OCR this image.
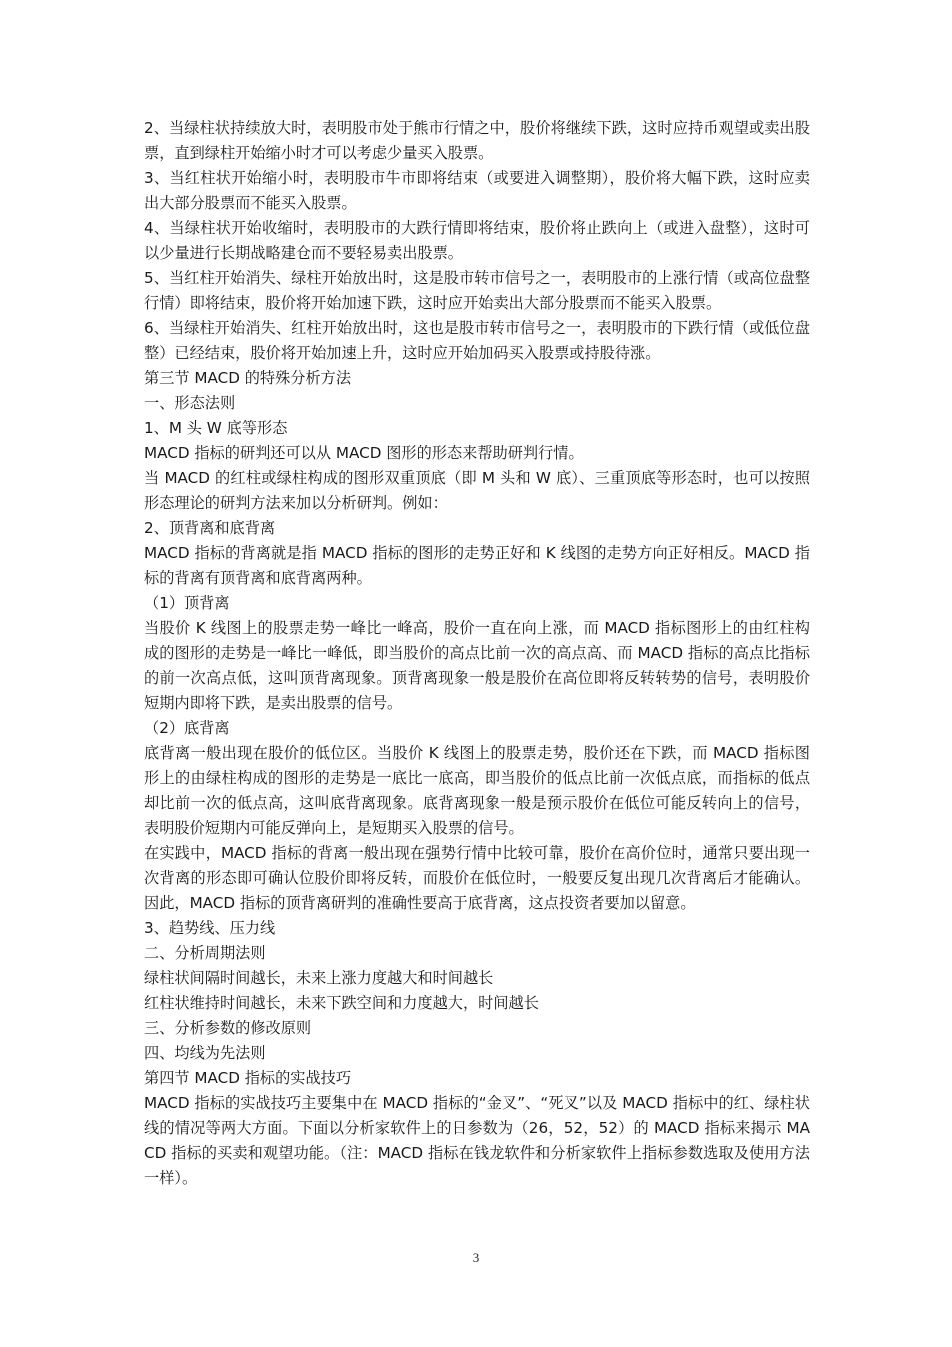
2、当绿柱状持续放大时，表明股市处于熊市行情之中，股价将继续下跌，这时应持币观望或卖出股票，直到绿柱开始缩小时才可以考虑少量买入股票。

3、当红柱状开始缩小时，表明股市牛市即将结束（或要进入调整期），股价将大幅下跌，这时应卖出大部分股票而不能买入股票。

4、当绿柱状开始收缩时，表明股市的大跌行情即将结束，股价将止跌向上（或进入盘整），这时可以少量进行长期战略建仓而不要轻易卖出股票。

5、当红柱开始消失、绿柱开始放出时，这是股市转市信号之一，表明股市的上涨行情（或高位盘整行情）即将结束，股价将开始加速下跌，这时应开始卖出大部分股票而不能买入股票。

6、当绿柱开始消失、红柱开始放出时，这也是股市转市信号之一，表明股市的下跌行情（或低位盘整）已经结束，股价将开始加速上升，这时应开始加码买入股票或持股待涨。

第三节 MACD 的特殊分析方法

一、形态法则

1、M 头 W 底等形态

MACD 指标的研判还可以从 MACD 图形的形态来帮助研判行情。

当 MACD 的红柱或绿柱构成的图形双重顶底（即 M 头和 W 底）、三重顶底等形态时，也可以按照形态理论的研判方法来加以分析研判。例如：

2、顶背离和底背离

MACD 指标的背离就是指 MACD 指标的图形的走势正好和 K 线图的走势方向正好相反。MACD 指标的背离有顶背离和底背离两种。

（1）顶背离

当股价 K 线图上的股票走势一峰比一峰高，股价一直在向上涨，而 MACD 指标图形上的由红柱构成的图形的走势是一峰比一峰低，即当股价的高点比前一次的高点高、而 MACD 指标的高点比指标的前一次高点低，这叫顶背离现象。顶背离现象一般是股价在高位即将反转转势的信号，表明股价短期内即将下跌，是卖出股票的信号。

（2）底背离

底背离一般出现在股价的低位区。当股价 K 线图上的股票走势，股价还在下跌，而 MACD 指标图形上的由绿柱构成的图形的走势是一底比一底高，即当股价的低点比前一次低点底，而指标的低点却比前一次的低点高，这叫底背离现象。底背离现象一般是预示股价在低位可能反转向上的信号，表明股价短期内可能反弹向上，是短期买入股票的信号。

在实践中，MACD 指标的背离一般出现在强势行情中比较可靠，股价在高价位时，通常只要出现一次背离的形态即可确认位股价即将反转，而股价在低位时，一般要反复出现几次背离后才能确认。因此，MACD 指标的顶背离研判的准确性要高于底背离，这点投资者要加以留意。

3、趋势线、压力线

二、分析周期法则

绿柱状间隔时间越长，未来上涨力度越大和时间越长

红柱状维持时间越长，未来下跌空间和力度越大，时间越长

三、分析参数的修改原则

四、均线为先法则

第四节 MACD 指标的实战技巧

MACD 指标的实战技巧主要集中在 MACD 指标的“金叉”、“死叉”以及 MACD 指标中的红、绿柱状线的情况等两大方面。下面以分析家软件上的日参数为（26，52，52）的 MACD 指标来揭示 MACD 指标的买卖和观望功能。（注：MACD 指标在钱龙软件和分析家软件上指标参数选取及使用方法一样）。

3
